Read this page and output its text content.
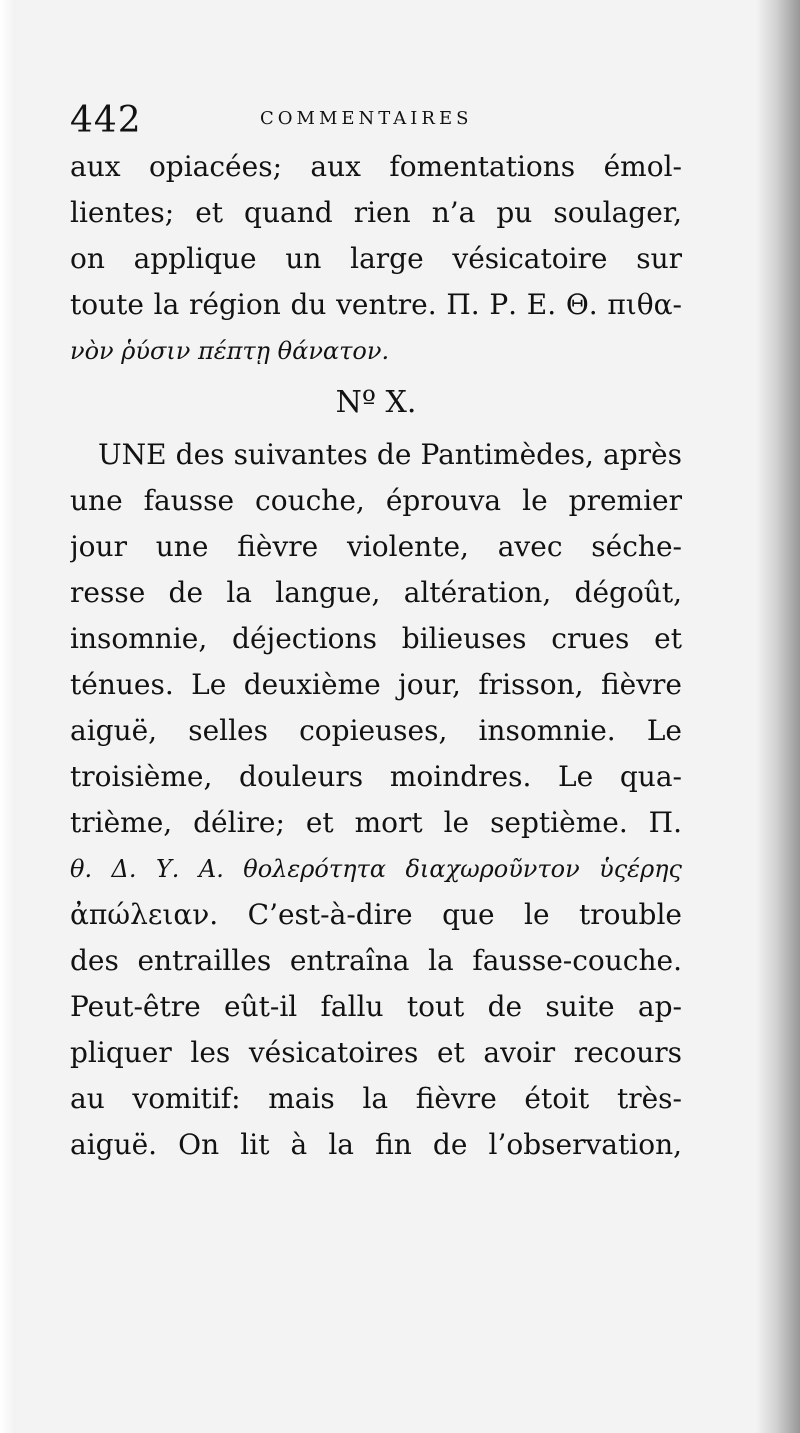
442	COMMENTAIRES
aux opiacées; aux fomentations émol-
lientes; et quand rien n’a pu soulager,
on applique un large vésicatoire sur
toute la région du ventre. Π. Ρ. Ε. Θ. πιθα-
νὸν ῥύσιν πέπτῃ θάνατον.
Nº X.
UNE des suivantes de Pantimèdes, après
une fausse couche, éprouva le premier
jour une fièvre violente, avec séche-
resse de la langue, altération, dégoût,
insomnie, déjections bilieuses crues et
ténues. Le deuxième jour, frisson, fièvre
aiguë, selles copieuses, insomnie. Le
troisième, douleurs moindres. Le qua-
trième, délire; et mort le septième. Π.
θ. Δ. Υ. Α. θολερότητα διαχωροῦντον ὑςέρης
ἀπώλειαν. C’est-à-dire que le trouble
des entrailles entraîna la fausse-couche.
Peut-être eût-il fallu tout de suite ap-
pliquer les vésicatoires et avoir recours
au vomitif: mais la fièvre étoit très-
aiguë. On lit à la fin de l’observation,
